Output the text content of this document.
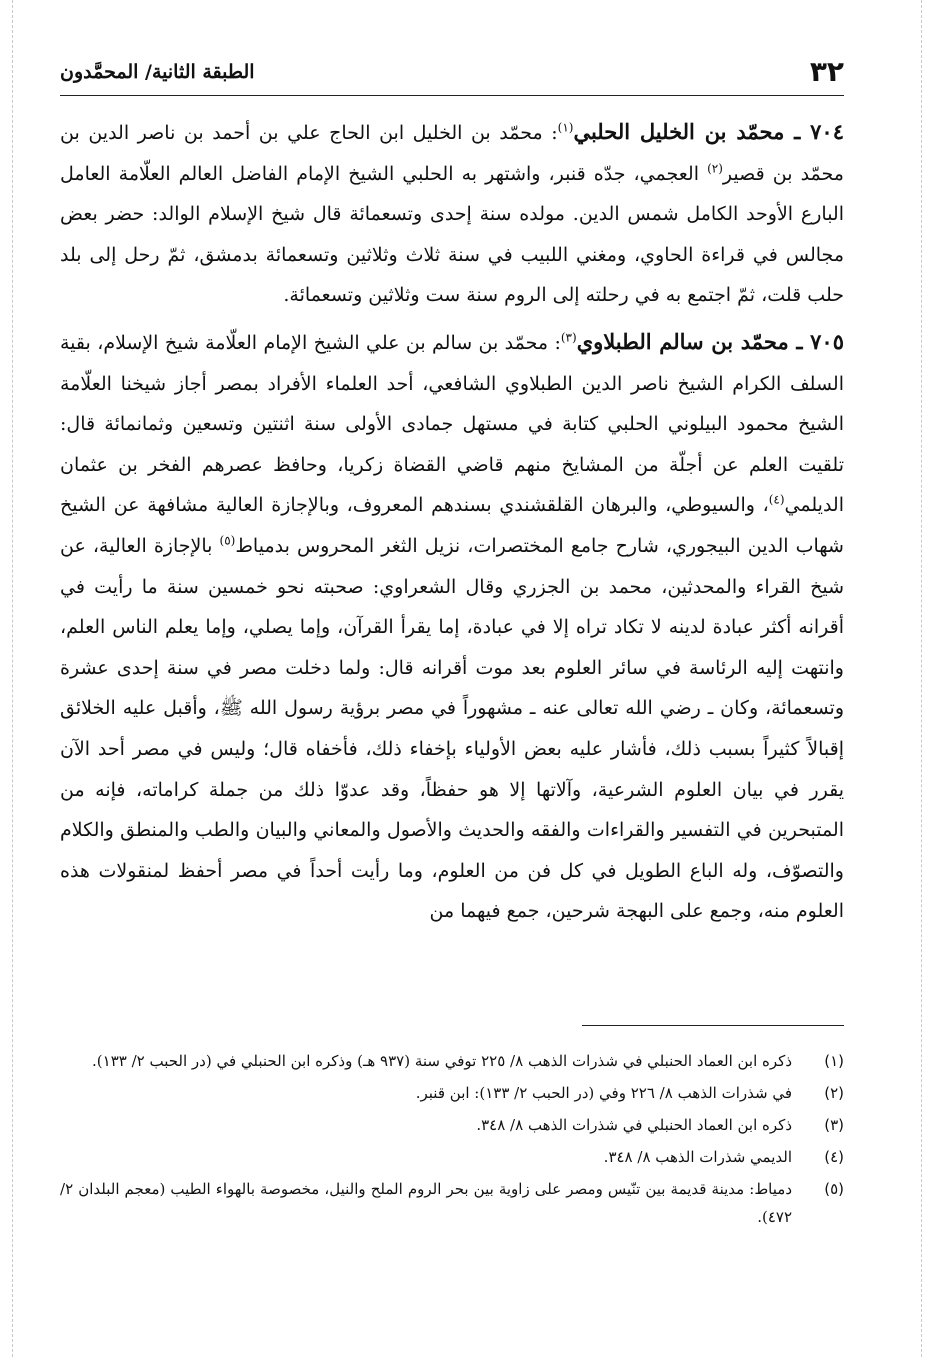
٣٢
الطبقة الثانية/ المحمَّدون

٧٠٤ ـ محمّد بن الخليل الحلبي$^{(١)}$: محمّد بن الخليل ابن الحاج علي بن أحمد بن ناصر الدين بن محمّد بن قصير$^{(٢)}$ العجمي، جدّه قنبر، واشتهر به الحلبي الشيخ الإمام الفاضل العالم العلّامة العامل البارع الأوحد الكامل شمس الدين. مولده سنة إحدى وتسعمائة قال شيخ الإسلام الوالد: حضر بعض مجالس في قراءة الحاوي، ومغني اللبيب في سنة ثلاث وثلاثين وتسعمائة بدمشق، ثمّ رحل إلى بلد حلب قلت، ثمّ اجتمع به في رحلته إلى الروم سنة ست وثلاثين وتسعمائة.

٧٠٥ ـ محمّد بن سالم الطبلاوي$^{(٣)}$: محمّد بن سالم بن علي الشيخ الإمام العلّامة شيخ الإسلام، بقية السلف الكرام الشيخ ناصر الدين الطبلاوي الشافعي، أحد العلماء الأفراد بمصر أجاز شيخنا العلّامة الشيخ محمود البيلوني الحلبي كتابة في مستهل جمادى الأولى سنة اثنتين وتسعين وثمانمائة قال: تلقيت العلم عن أجلّة من المشايخ منهم قاضي القضاة زكريا، وحافظ عصرهم الفخر بن عثمان الديلمي$^{(٤)}$، والسيوطي، والبرهان القلقشندي بسندهم المعروف، وبالإجازة العالية مشافهة عن الشيخ شهاب الدين البيجوري، شارح جامع المختصرات، نزيل الثغر المحروس بدمياط$^{(٥)}$ بالإجازة العالية، عن شيخ القراء والمحدثين، محمد بن الجزري وقال الشعراوي: صحبته نحو خمسين سنة ما رأيت في أقرانه أكثر عبادة لدينه لا تكاد تراه إلا في عبادة، إما يقرأ القرآن، وإما يصلي، وإما يعلم الناس العلم، وانتهت إليه الرئاسة في سائر العلوم بعد موت أقرانه قال: ولما دخلت مصر في سنة إحدى عشرة وتسعمائة، وكان ـ رضي الله تعالى عنه ـ مشهوراً في مصر برؤية رسول الله ﷺ، وأقبل عليه الخلائق إقبالاً كثيراً بسبب ذلك، فأشار عليه بعض الأولياء بإخفاء ذلك، فأخفاه قال؛ وليس في مصر أحد الآن يقرر في بيان العلوم الشرعية، وآلاتها إلا هو حفظاً، وقد عدوّا ذلك من جملة كراماته، فإنه من المتبحرين في التفسير والقراءات والفقه والحديث والأصول والمعاني والبيان والطب والمنطق والكلام والتصوّف، وله الباع الطويل في كل فن من العلوم، وما رأيت أحداً في مصر أحفظ لمنقولات هذه العلوم منه، وجمع على البهجة شرحين، جمع فيهما من

(١)
ذكره ابن العماد الحنبلي في شذرات الذهب ٨/ ٢٢٥ توفي سنة (٩٣٧ هـ) وذكره ابن الحنبلي في (در الحبب ٢/ ١٣٣).
(٢)
في شذرات الذهب ٨/ ٢٢٦ وفي (در الحبب ٢/ ١٣٣): ابن قنبر.
(٣)
ذكره ابن العماد الحنبلي في شذرات الذهب ٨/ ٣٤٨.
(٤)
الديمي شذرات الذهب ٨/ ٣٤٨.
(٥)
دمياط: مدينة قديمة بين تنّيس ومصر على زاوية بين بحر الروم الملح والنيل، مخصوصة بالهواء الطيب (معجم البلدان ٢/ ٤٧٢).
